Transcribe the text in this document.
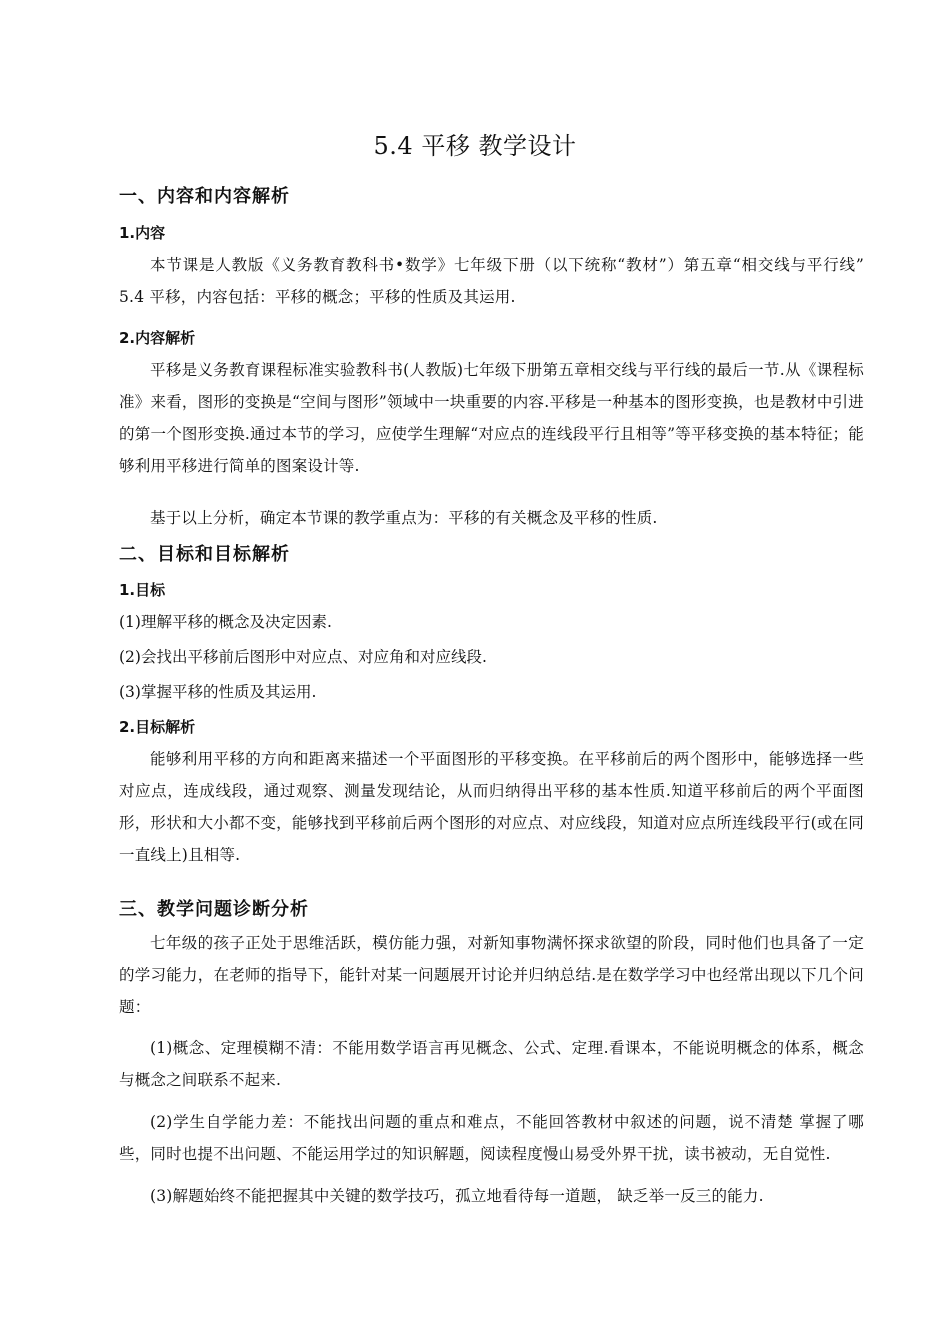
5.4 平移 教学设计
一、内容和内容解析
1.内容

本节课是人教版《义务教育教科书•数学》七年级下册（以下统称“教材”）第五章“相交线与平行线” 5.4 平移，内容包括：平移的概念；平移的性质及其运用.

2.内容解析

平移是义务教育课程标准实验教科书(人教版)七年级下册第五章相交线与平行线的最后一节.从《课程标准》来看，图形的变换是“空间与图形”领域中一块重要的内容.平移是一种基本的图形变换，也是教材中引进的第一个图形变换.通过本节的学习，应使学生理解“对应点的连线段平行且相等”等平移变换的基本特征；能够利用平移进行简单的图案设计等.

基于以上分析，确定本节课的教学重点为：平移的有关概念及平移的性质.

二、目标和目标解析
1.目标

(1)理解平移的概念及决定因素.

(2)会找出平移前后图形中对应点、对应角和对应线段.

(3)掌握平移的性质及其运用.

2.目标解析

能够利用平移的方向和距离来描述一个平面图形的平移变换。在平移前后的两个图形中，能够选择一些对应点，连成线段，通过观察、测量发现结论，从而归纳得出平移的基本性质.知道平移前后的两个平面图形，形状和大小都不变，能够找到平移前后两个图形的对应点、对应线段，知道对应点所连线段平行(或在同一直线上)且相等.

三、教学问题诊断分析

七年级的孩子正处于思维活跃，模仿能力强，对新知事物满怀探求欲望的阶段，同时他们也具备了一定的学习能力，在老师的指导下，能针对某一问题展开讨论并归纳总结.是在数学学习中也经常出现以下几个问题：

(1)概念、定理模糊不清：不能用数学语言再见概念、公式、定理.看课本，不能说明概念的体系，概念与概念之间联系不起来.

(2)学生自学能力差：不能找出问题的重点和难点，不能回答教材中叙述的问题，说不清楚 掌握了哪些，同时也提不出问题、不能运用学过的知识解题，阅读程度慢山易受外界干扰，读书被动，无自觉性.

(3)解题始终不能把握其中关键的数学技巧，孤立地看待每一道题， 缺乏举一反三的能力.
